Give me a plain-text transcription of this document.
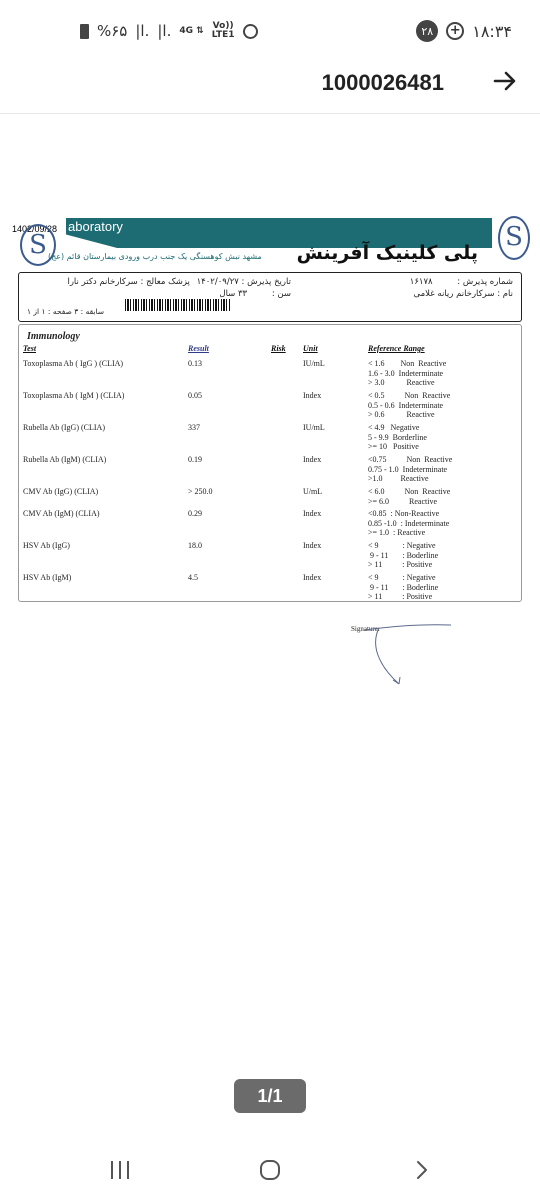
%۶۵ |l. |l. 4G ⇅ Vo))
LTE1	۲۸	+ ۱۸:۳۴
1000026481
aboratory
1402/09/28
S
S
پلی کلینیک آفرینش
مشهد نبش کوهسنگی یک جنب درب ورودی بیمارستان قائم (عج)
شماره پذیرش : ۱۶۱۷۸
نام : سرکارخانم ریانه غلامی
تاریخ پذیرش : ۱۴۰۲/۰۹/۲۷ پزشک معالج : سرکارخانم دکتر نارا
سن : ۳۳ سال
سابقه : ۳ صفحه : ۱ از ۱
Immunology
Test	Result	Risk Unit	Reference Range
Toxoplasma Ab ( IgG ) (CLIA)	0.13	IU/mL	< 1.6        Non  Reactive
1.6 - 3.0  Indeterminate
> 3.0           Reactive
Toxoplasma Ab ( IgM ) (CLIA)	0.05	Index	< 0.5          Non  Reactive
0.5 - 0.6  Indeterminate
> 0.6           Reactive
Rubella Ab (IgG) (CLIA)	337	IU/mL	< 4.9   Negative
5 - 9.9  Borderline
>= 10   Positive
Rubella Ab (IgM) (CLIA)	0.19	Index	<0.75          Non  Reactive
0.75 - 1.0  Indeterminate
>1.0         Reactive
CMV Ab (IgG) (CLIA)	> 250.0	U/mL	< 6.0          Non  Reactive
>= 6.0          Reactive
CMV Ab (IgM) (CLIA)	0.29	Index	<0.85  : Non-Reactive
0.85 -1.0  : Indeterminate
>= 1.0  : Reactive
HSV Ab (IgG)	18.0	Index	< 9            : Negative
9 - 11       : Boderline
> 11          : Positive
HSV Ab (IgM)	4.5	Index	< 9            : Negative
9 - 11       : Boderline
> 11          : Positive
Signature:
1/1
